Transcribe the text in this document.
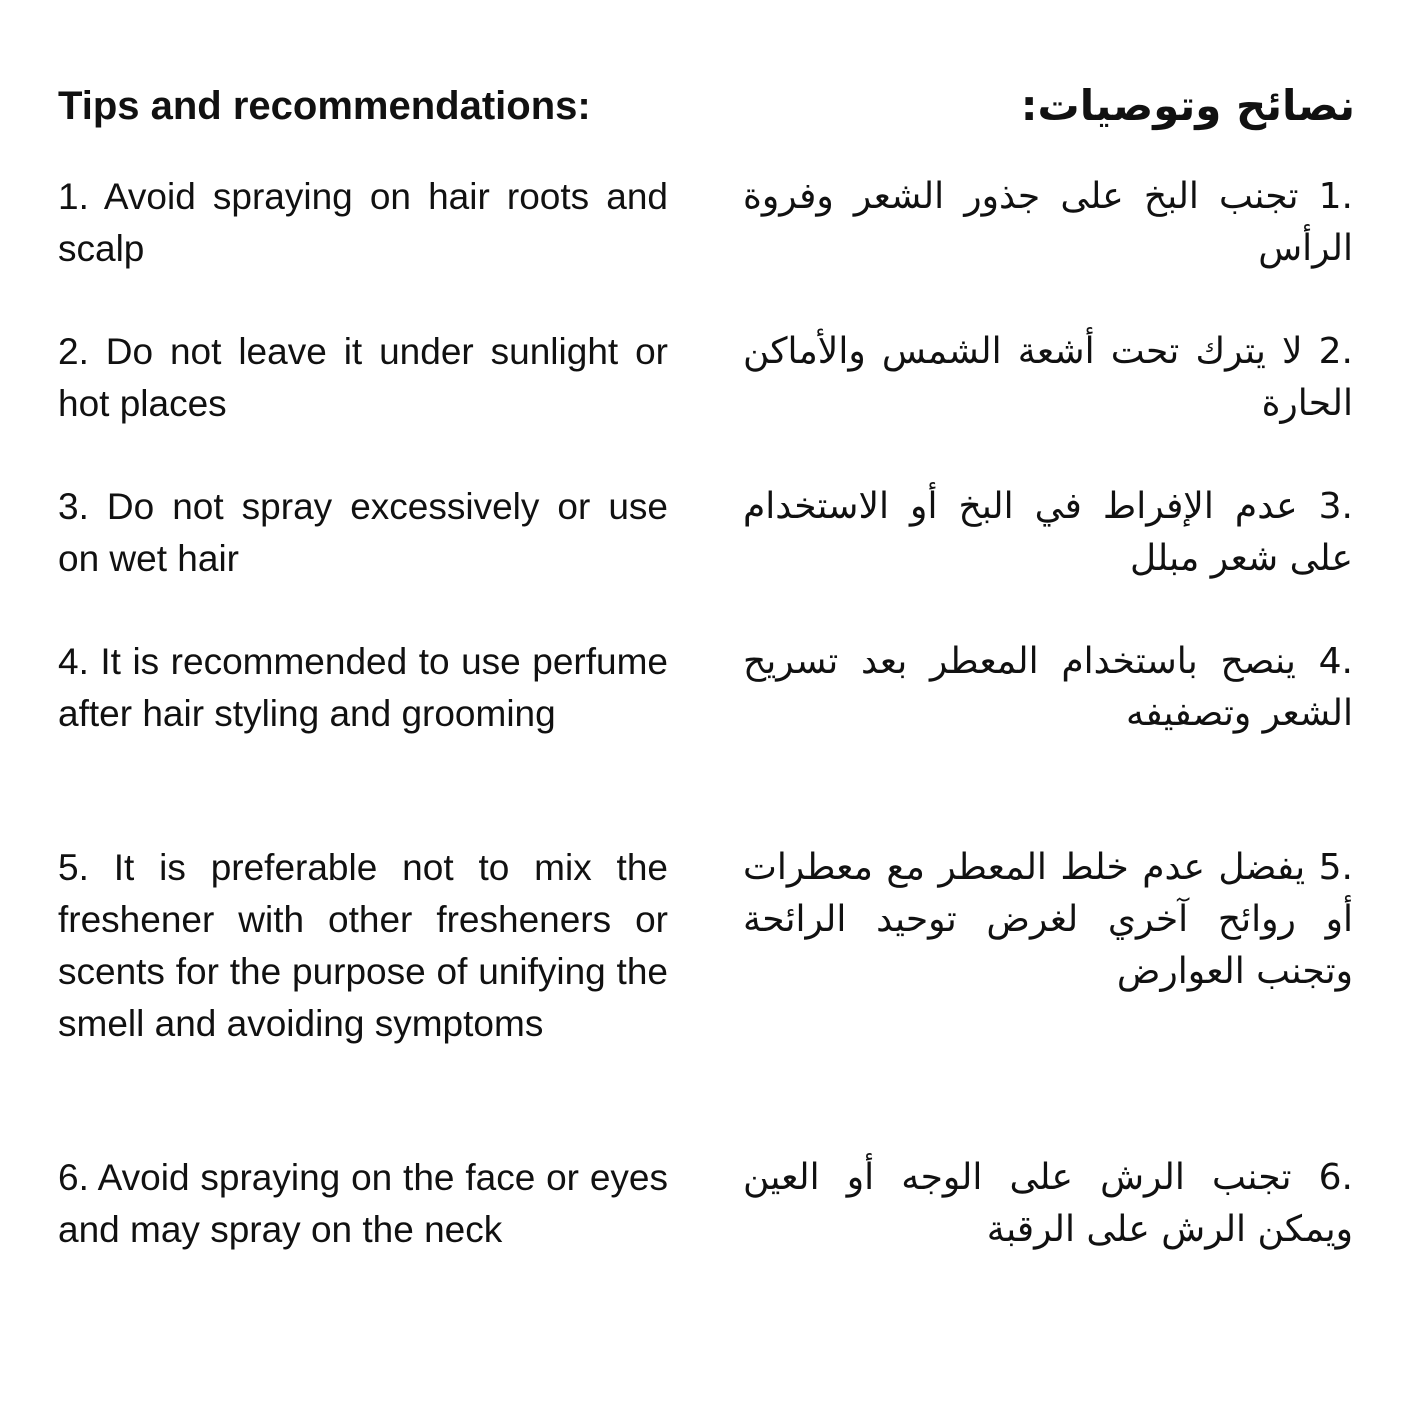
Tips and recommendations:	نصائح وتوصيات:
1. Avoid spraying on hair roots and scalp
2. Do not leave it under sunlight or hot places
3. Do not spray excessively or use on wet hair
4. It is recommended to use perfume after hair styling and grooming
5. It is preferable not to mix the freshener with other fresheners or scents for the purpose of unifying the smell and avoiding symptoms
6. Avoid spraying on the face or eyes and may spray on the neck
.1 تجنب البخ على جذور الشعر وفروة الرأس
.2 لا يترك تحت أشعة الشمس والأماكن الحارة
.3 عدم الإفراط في البخ أو الاستخدام على شعر مبلل
.4 ينصح باستخدام المعطر بعد تسريح الشعر وتصفيفه
.5 يفضل عدم خلط المعطر مع معطرات أو روائح آخري لغرض توحيد الرائحة وتجنب العوارض
.6 تجنب الرش على الوجه أو العين ويمكن الرش على الرقبة
